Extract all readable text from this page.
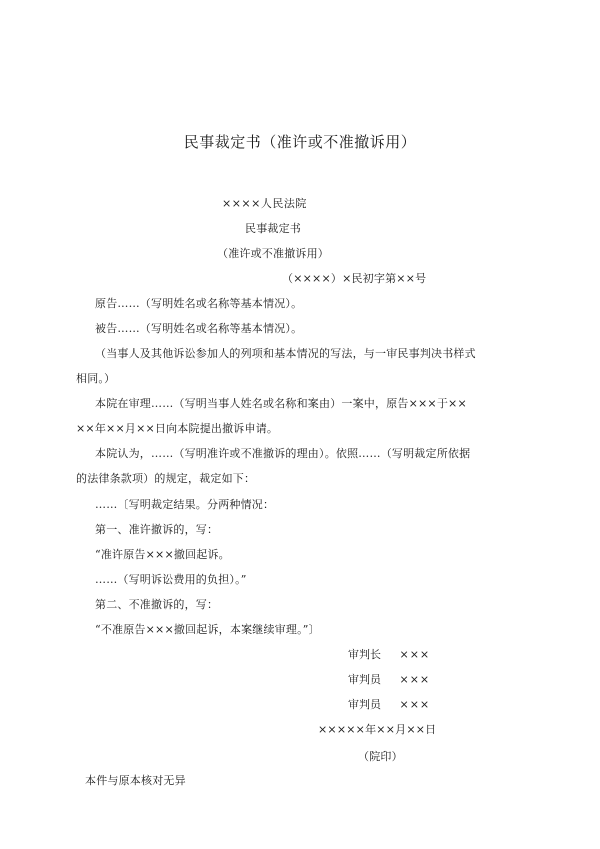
民事裁定书（准许或不准撤诉用）
××××人民法院
民事裁定书
（准许或不准撤诉用）
（××××）×民初字第××号
原告……（写明姓名或名称等基本情况）。
被告……（写明姓名或名称等基本情况）。
（当事人及其他诉讼参加人的列项和基本情况的写法，与一审民事判决书样式
相同。）
本院在审理……（写明当事人姓名或名称和案由）一案中，原告×××于××
××年××月××日向本院提出撤诉申请。
本院认为，……（写明准许或不准撤诉的理由）。依照……（写明裁定所依据
的法律条款项）的规定，裁定如下：
……〔写明裁定结果。分两种情况：
第一、准许撤诉的，写：
“准许原告×××撤回起诉。
……（写明诉讼费用的负担）。”
第二、不准撤诉的，写：
“不准原告×××撤回起诉，本案继续审理。”〕
审判长 ×××
审判员 ×××
审判员 ×××
×××××年××月××日
（院印）
本件与原本核对无异
